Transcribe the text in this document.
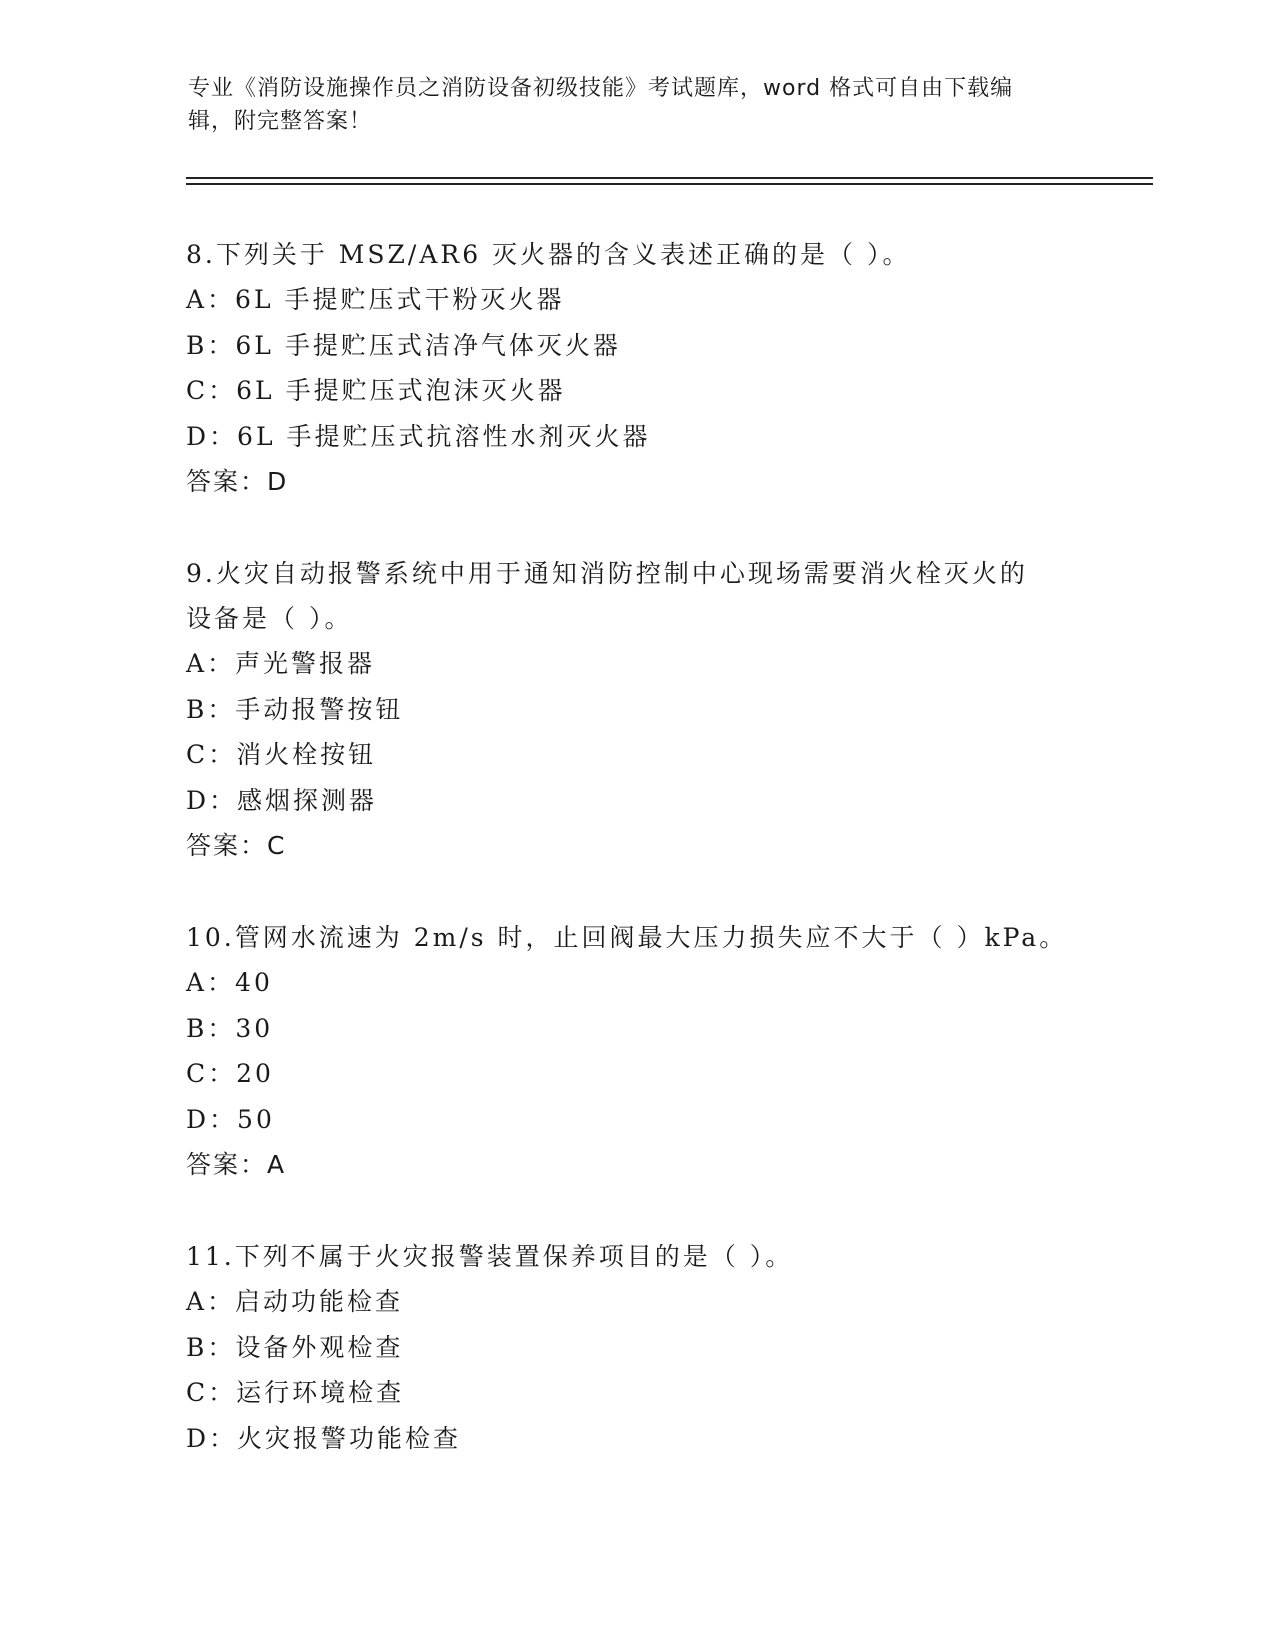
专业《消防设施操作员之消防设备初级技能》考试题库，word 格式可自由下载编
辑，附完整答案！
8.下列关于 MSZ/AR6 灭火器的含义表述正确的是（ ）。
A：6L 手提贮压式干粉灭火器
B：6L 手提贮压式洁净气体灭火器
C：6L 手提贮压式泡沫灭火器
D：6L 手提贮压式抗溶性水剂灭火器
答案：D
9.火灾自动报警系统中用于通知消防控制中心现场需要消火栓灭火的
设备是（ ）。
A：声光警报器
B：手动报警按钮
C：消火栓按钮
D：感烟探测器
答案：C
10.管网水流速为 2m/s 时，止回阀最大压力损失应不大于（ ）kPa。
A：40
B：30
C：20
D：50
答案：A
11.下列不属于火灾报警装置保养项目的是（ ）。
A：启动功能检查
B：设备外观检查
C：运行环境检查
D：火灾报警功能检查
